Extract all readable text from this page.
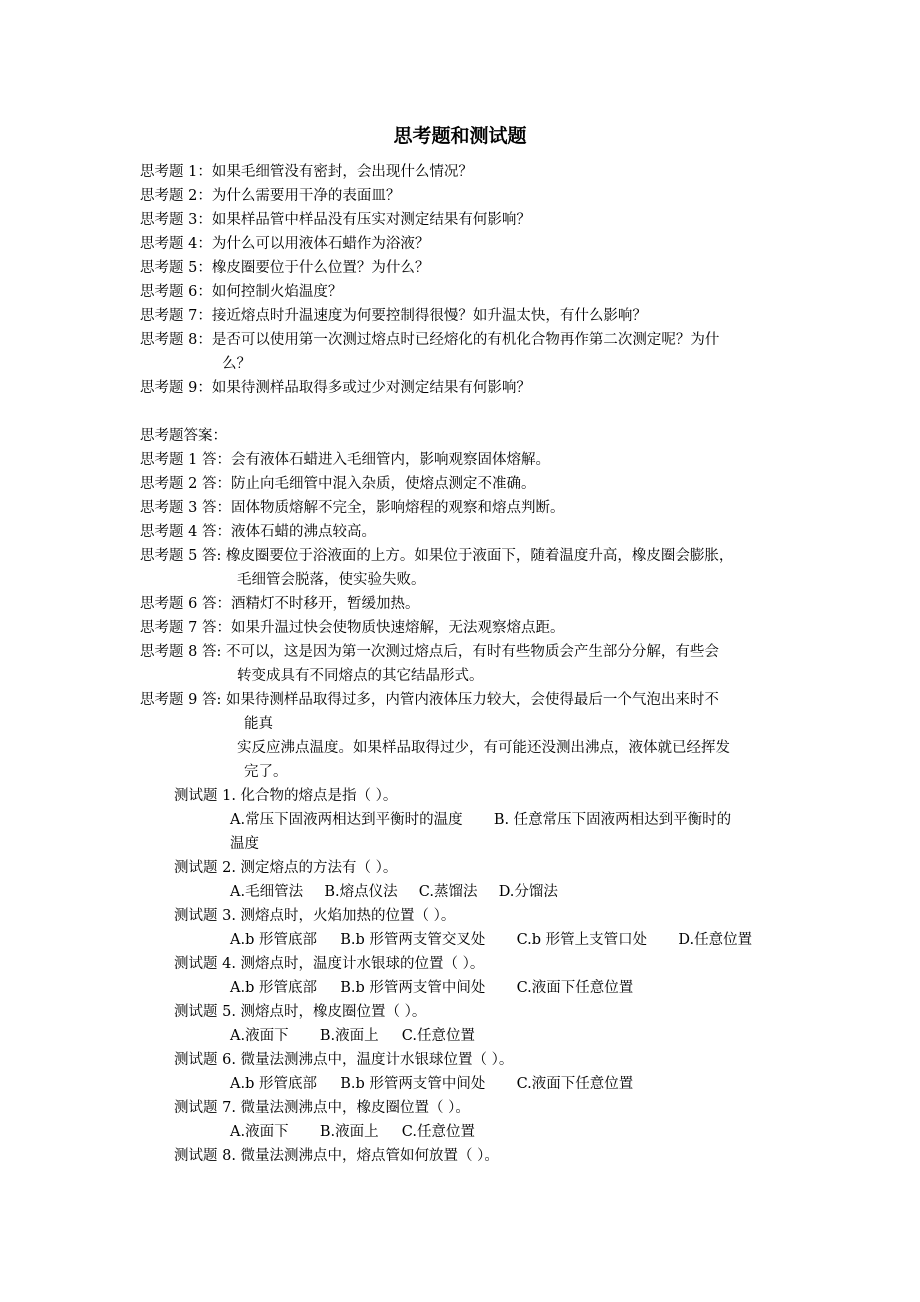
思考题和测试题
思考题 1：如果毛细管没有密封，会出现什么情况？
思考题 2：为什么需要用干净的表面皿？
思考题 3：如果样品管中样品没有压实对测定结果有何影响？
思考题 4：为什么可以用液体石蜡作为浴液？
思考题 5：橡皮圈要位于什么位置？为什么？
思考题 6：如何控制火焰温度？
思考题 7：接近熔点时升温速度为何要控制得很慢？如升温太快，有什么影响？
思考题 8：是否可以使用第一次测过熔点时已经熔化的有机化合物再作第二次测定呢？为什
么？
思考题 9：如果待测样品取得多或过少对测定结果有何影响？
思考题答案：
思考题 1 答：会有液体石蜡进入毛细管内，影响观察固体熔解。
思考题 2 答：防止向毛细管中混入杂质，使熔点测定不准确。
思考题 3 答：固体物质熔解不完全，影响熔程的观察和熔点判断。
思考题 4 答：液体石蜡的沸点较高。
思考题 5 答: 橡皮圈要位于浴液面的上方。如果位于液面下，随着温度升高，橡皮圈会膨胀，
毛细管会脱落，使实验失败。
思考题 6 答：酒精灯不时移开，暂缓加热。
思考题 7 答：如果升温过快会使物质快速熔解，无法观察熔点距。
思考题 8 答: 不可以，这是因为第一次测过熔点后，有时有些物质会产生部分分解，有些会
转变成具有不同熔点的其它结晶形式。
思考题 9 答: 如果待测样品取得过多，内管内液体压力较大，会使得最后一个气泡出来时不
能真
实反应沸点温度。如果样品取得过少，有可能还没测出沸点，液体就已经挥发
完了。
测试题 1. 化合物的熔点是指（ ）。
A.常压下固液两相达到平衡时的温度 B. 任意常压下固液两相达到平衡时的
温度
测试题 2. 测定熔点的方法有（ ）。
A.毛细管法 B.熔点仪法 C.蒸馏法 D.分馏法
测试题 3. 测熔点时，火焰加热的位置（ ）。
A.b 形管底部 B.b 形管两支管交叉处 C.b 形管上支管口处 D.任意位置
测试题 4. 测熔点时，温度计水银球的位置（ ）。
A.b 形管底部 B.b 形管两支管中间处 C.液面下任意位置
测试题 5. 测熔点时，橡皮圈位置（ ）。
A.液面下 B.液面上 C.任意位置
测试题 6. 微量法测沸点中，温度计水银球位置（ ）。
A.b 形管底部 B.b 形管两支管中间处 C.液面下任意位置
测试题 7. 微量法测沸点中，橡皮圈位置（ ）。
A.液面下 B.液面上 C.任意位置
测试题 8. 微量法测沸点中，熔点管如何放置（ ）。
